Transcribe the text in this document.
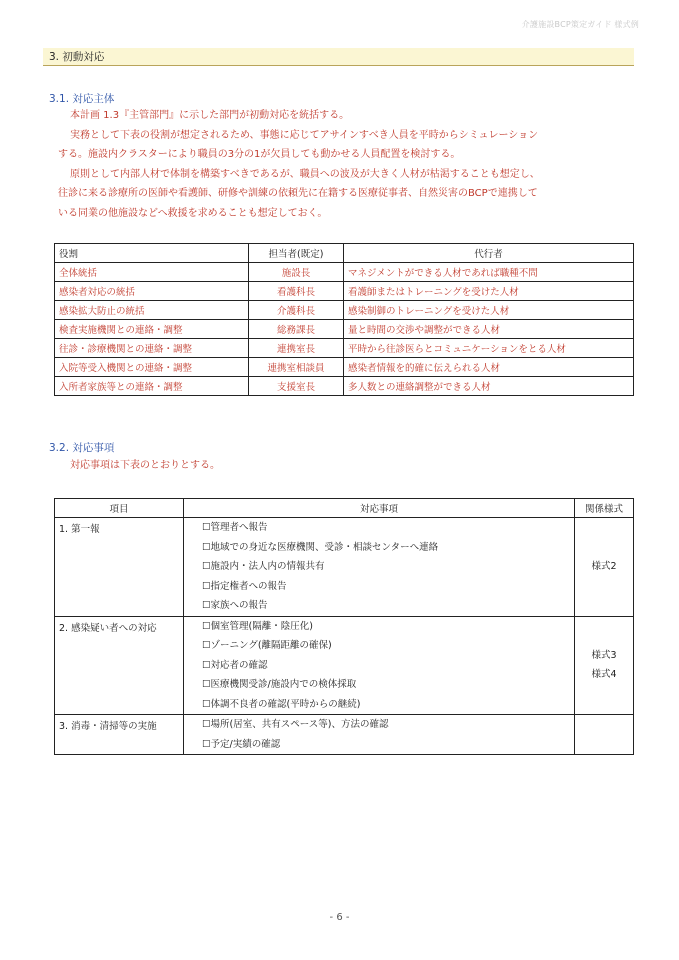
介護施設BCP策定ガイド 様式例
3. 初動対応
3.1. 対応主体
本計画 1.3『主管部門』に示した部門が初動対応を統括する。
実務として下表の役割が想定されるため、事態に応じてアサインすべき人員を平時からシミュレーション
する。施設内クラスターにより職員の3分の1が欠員しても動かせる人員配置を検討する。
原則として内部人材で体制を構築すべきであるが、職員への波及が大きく人材が枯渇することも想定し、
往診に来る診療所の医師や看護師、研修や訓練の依頼先に在籍する医療従事者、自然災害のBCPで連携して
いる同業の他施設などへ救援を求めることも想定しておく。
役割	担当者(既定)	代行者
全体統括	施設長	マネジメントができる人材であれば職種不問
感染者対応の統括	看護科長	看護師またはトレーニングを受けた人材
感染拡大防止の統括	介護科長	感染制御のトレーニングを受けた人材
検査実施機関との連絡・調整	総務課長	量と時間の交渉や調整ができる人材
往診・診療機関との連絡・調整	連携室長	平時から往診医らとコミュニケーションをとる人材
入院等受入機関との連絡・調整	連携室相談員	感染者情報を的確に伝えられる人材
入所者家族等との連絡・調整	支援室長	多人数との連絡調整ができる人材
3.2. 対応事項
対応事項は下表のとおりとする。
項目	対応事項	関係様式
1. 第一報	☐管理者へ報告
☐地域での身近な医療機関、受診・相談センターへ連絡
☐施設内・法人内の情報共有
☐指定権者への報告
☐家族への報告	様式2

2. 感染疑い者への対応	☐個室管理(隔離・陰圧化)
☐ゾーニング(離隔距離の確保)
☐対応者の確認
☐医療機関受診/施設内での検体採取
☐体調不良者の確認(平時からの継続)	様式3
様式4

3. 消毒・清掃等の実施	☐場所(居室、共有スペース等)、方法の確認
☐予定/実績の確認	

- 6 -
